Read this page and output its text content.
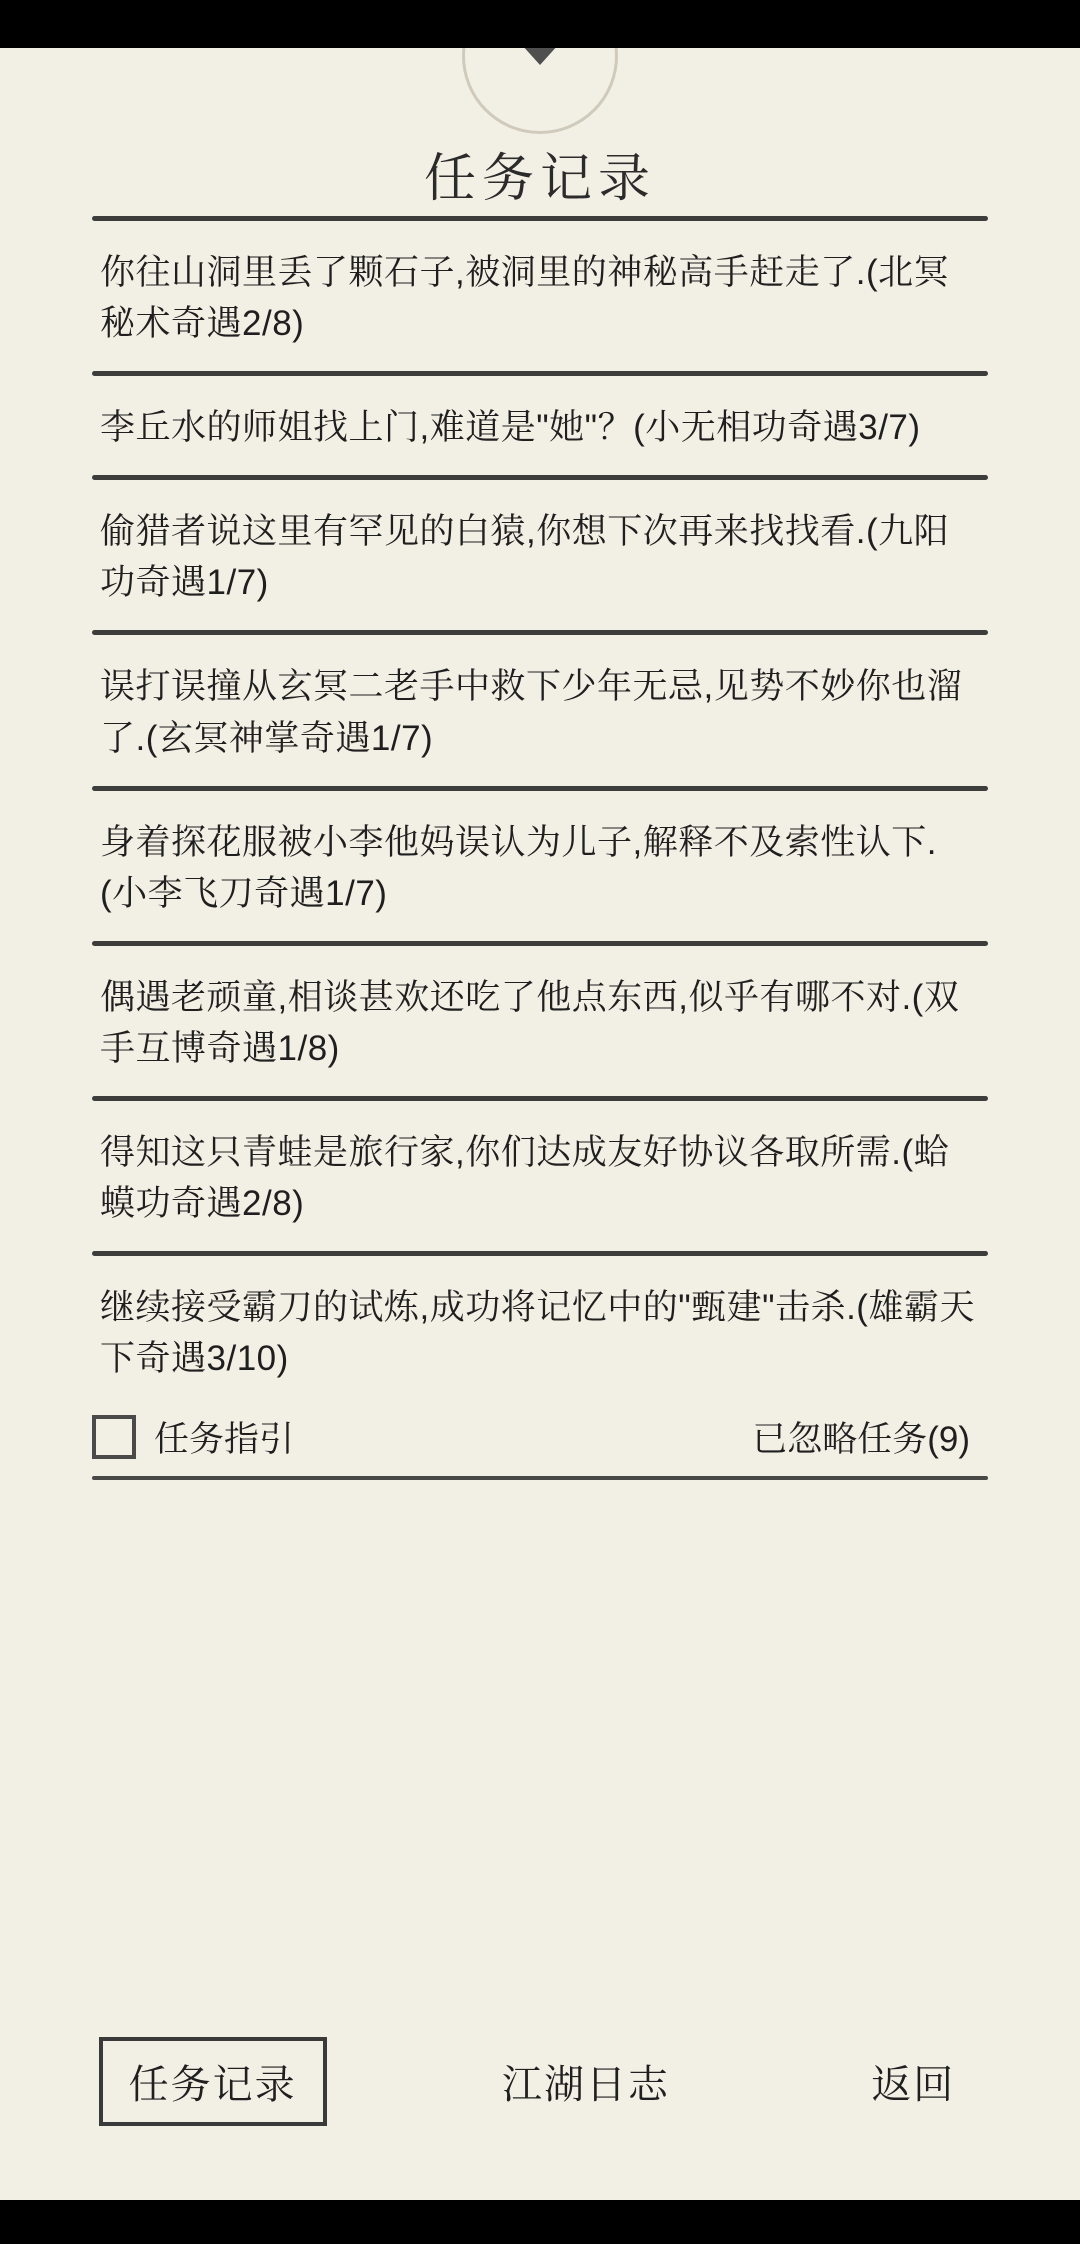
任务记录
你往山洞里丢了颗石子,被洞里的神秘高手赶走了.(北冥秘术奇遇2/8)
李丘水的师姐找上门,难道是"她"？(小无相功奇遇3/7)
偷猎者说这里有罕见的白猿,你想下次再来找找看.(九阳功奇遇1/7)
误打误撞从玄冥二老手中救下少年无忌,见势不妙你也溜了.(玄冥神掌奇遇1/7)
身着探花服被小李他妈误认为儿子,解释不及索性认下.(小李飞刀奇遇1/7)
偶遇老顽童,相谈甚欢还吃了他点东西,似乎有哪不对.(双手互博奇遇1/8)
得知这只青蛙是旅行家,你们达成友好协议各取所需.(蛤蟆功奇遇2/8)
继续接受霸刀的试炼,成功将记忆中的"甄建"击杀.(雄霸天下奇遇3/10)
任务指引	已忽略任务(9)
任务记录	江湖日志	返回
